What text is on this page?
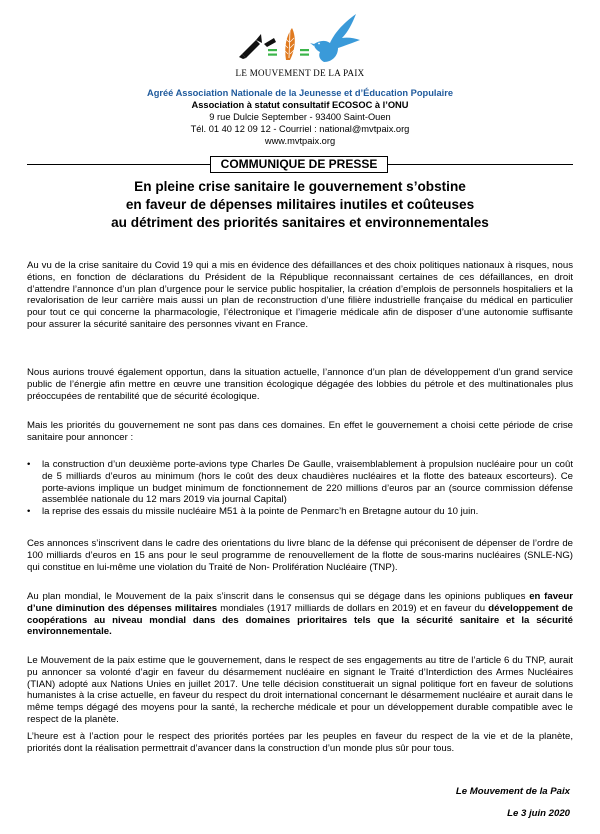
LE MOUVEMENT DE LA PAIX
Agréé Association Nationale de la Jeunesse et d’Éducation Populaire
Association à statut consultatif ECOSOC à l’ONU
9 rue Dulcie September - 93400 Saint-Ouen
Tél. 01 40 12 09 12 - Courriel : national@mvtpaix.org
www.mvtpaix.org
COMMUNIQUE DE PRESSE
En pleine crise sanitaire le gouvernement s’obstine
en faveur de dépenses militaires inutiles et coûteuses
au détriment des priorités sanitaires et environnementales
Au vu de la crise sanitaire du Covid 19 qui a mis en évidence des défaillances et des choix politiques nationaux à risques, nous étions, en fonction de déclarations du Président de la République reconnaissant certaines de ces défaillances, en droit d’attendre l’annonce d’un plan d’urgence pour le service public hospitalier, la création d’emplois de personnels hospitaliers et la revalorisation de leur carrière mais aussi un plan de reconstruction d’une filière industrielle française du médical en particulier pour tout ce qui concerne la pharmacologie, l’électronique et l’imagerie médicale afin de disposer d’une autonomie suffisante pour assurer la sécurité sanitaire des personnes vivant en France.
Nous aurions trouvé également opportun, dans la situation actuelle, l’annonce d’un plan de développement d’un grand service public de l’énergie afin mettre en œuvre une transition écologique dégagée des lobbies du pétrole et des multinationales plus préoccupées de rentabilité que de sécurité écologique.
Mais les priorités du gouvernement ne sont pas dans ces domaines. En effet le gouvernement a choisi cette période de crise sanitaire pour annoncer :
• la construction d’un deuxième porte-avions type Charles De Gaulle, vraisemblablement à propulsion nucléaire pour un coût de 5 milliards d’euros au minimum (hors le coût des deux chaudières nucléaires et la flotte des bateaux escorteurs). Ce porte-avions implique un budget minimum de fonctionnement de 220 millions d’euros par an (source commission défense assemblée nationale du 12 mars 2019 via journal Capital)
• la reprise des essais du missile nucléaire M51 à la pointe de Penmarc’h en Bretagne autour du 10 juin.
Ces annonces s’inscrivent dans le cadre des orientations du livre blanc de la défense qui préconisent de dépenser de l’ordre de 100 milliards d’euros en 15 ans pour le seul programme de renouvellement de la flotte de sous-marins nucléaires (SNLE-NG) qui constitue en lui-même une violation du Traité de Non- Prolifération Nucléaire (TNP).
Au plan mondial, le Mouvement de la paix s’inscrit dans le consensus qui se dégage dans les opinions publiques en faveur d’une diminution des dépenses militaires mondiales (1917 milliards de dollars en 2019) et en faveur du développement de coopérations au niveau mondial dans des domaines prioritaires tels que la sécurité sanitaire et la sécurité environnementale.
Le Mouvement de la paix estime que le gouvernement, dans le respect de ses engagements au titre de l’article 6 du TNP, aurait pu annoncer sa volonté d’agir en faveur du désarmement nucléaire en signant le Traité d’Interdiction des Armes Nucléaires (TIAN) adopté aux Nations Unies en juillet 2017. Une telle décision constituerait un signal politique fort en faveur de solutions humanistes à la crise actuelle, en faveur du respect du droit international concernant le désarmement nucléaire et aurait dans le même temps dégagé des moyens pour la santé, la recherche médicale et pour un développement durable compatible avec le respect de la planète.
L’heure est à l’action pour le respect des priorités portées par les peuples en faveur du respect de la vie et de la planète, priorités dont la réalisation permettrait d’avancer dans la construction d’un monde plus sûr pour tous.
Le Mouvement de la Paix
Le 3 juin 2020
